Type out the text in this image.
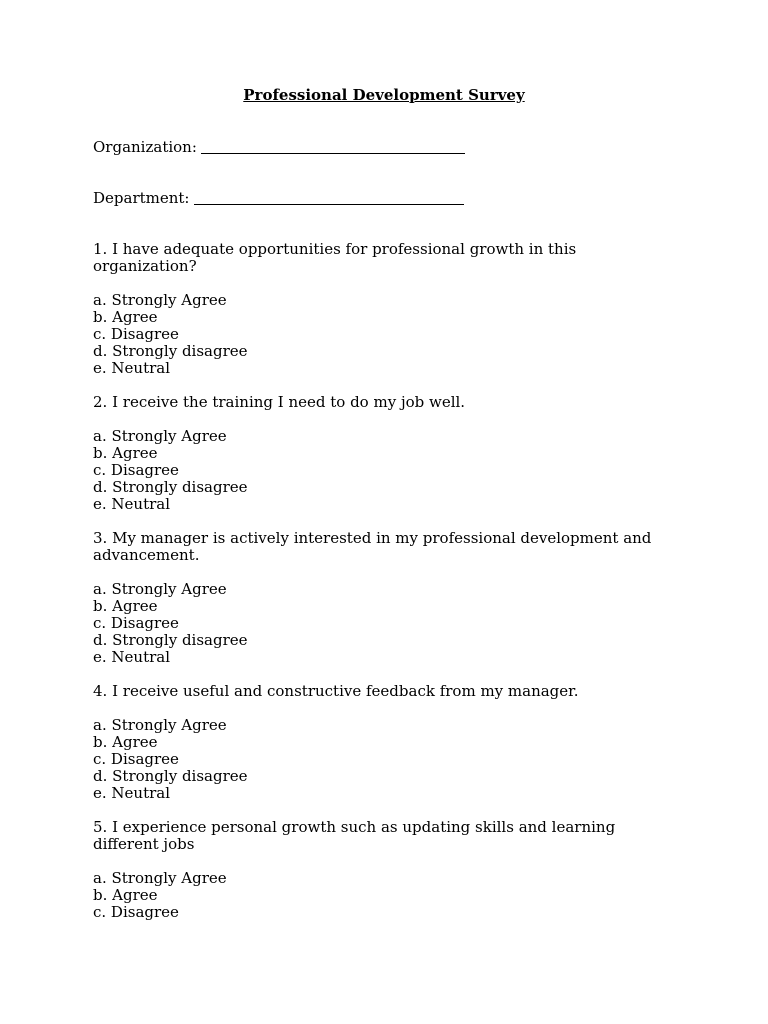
Professional Development Survey
Organization:
Department:

1. I have adequate opportunities for professional growth in this organization?

a. Strongly Agree
b. Agree
c. Disagree
d. Strongly disagree
e. Neutral

2. I receive the training I need to do my job well.

a. Strongly Agree
b. Agree
c. Disagree
d. Strongly disagree
e. Neutral

3. My manager is actively interested in my professional development and advancement.

a. Strongly Agree
b. Agree
c. Disagree
d. Strongly disagree
e. Neutral

4. I receive useful and constructive feedback from my manager.

a. Strongly Agree
b. Agree
c. Disagree
d. Strongly disagree
e. Neutral

5. I experience personal growth such as updating skills and learning different jobs

a. Strongly Agree
b. Agree
c. Disagree
